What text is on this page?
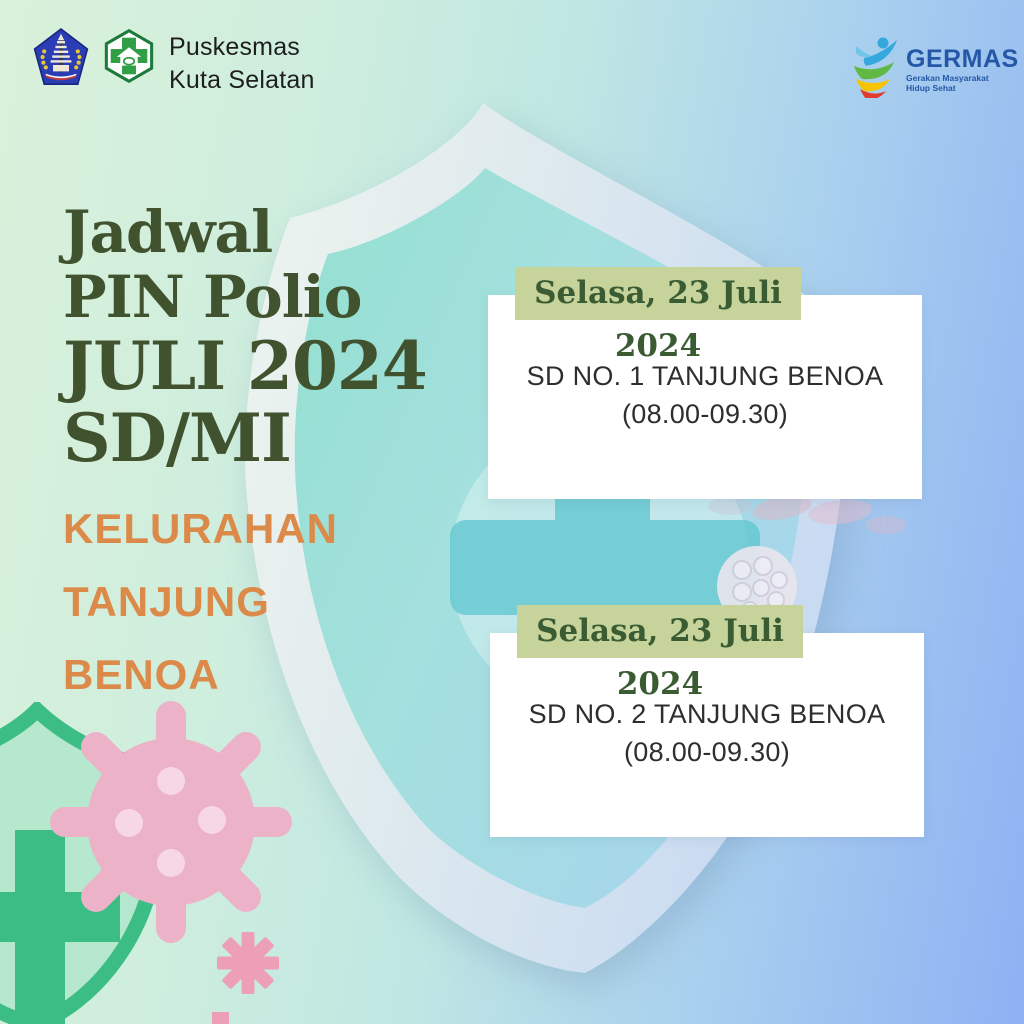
Puskesmas
Kuta Selatan
GERMAS
Gerakan Masyarakat
Hidup Sehat
Jadwal
PIN Polio
JULI 2024
SD/MI
KELURAHAN
TANJUNG
BENOA
Selasa, 23 Juli 2024
SD NO. 1 TANJUNG BENOA
(08.00-09.30)
Selasa, 23 Juli 2024
SD NO. 2 TANJUNG BENOA
(08.00-09.30)
